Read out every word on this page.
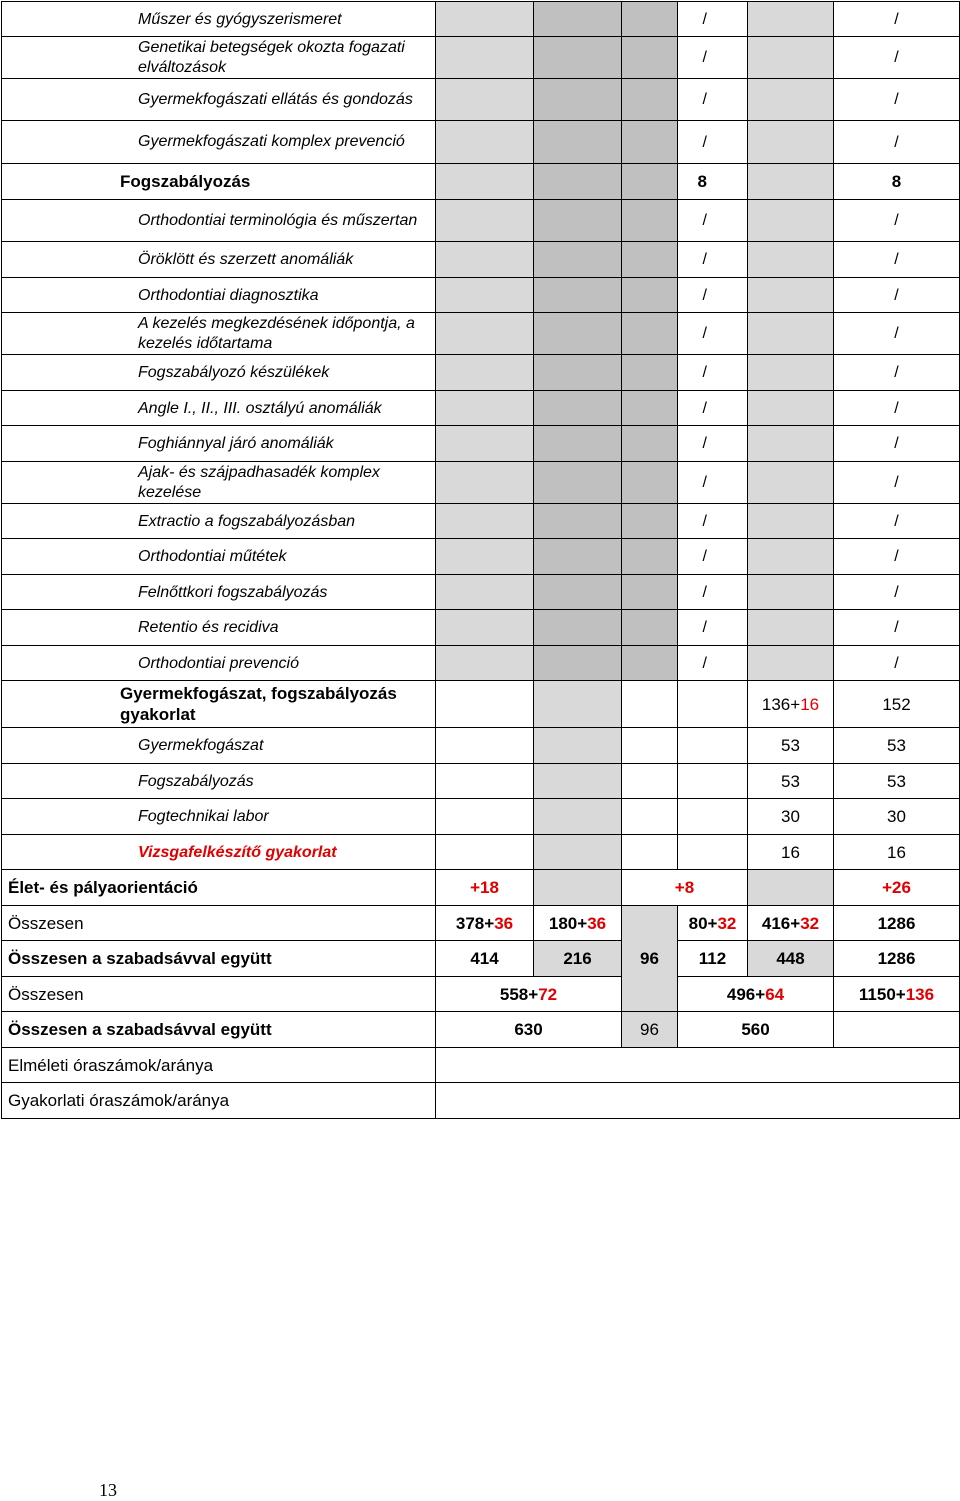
Műszer és gyógyszerismeret				/		/
Genetikai betegségek okozta fogazati elváltozások				/		/
Gyermekfogászati ellátás és gondozás				/		/
Gyermekfogászati komplex prevenció				/		/
Fogszabályozás				8		8
Orthodontiai terminológia és műszertan				/		/
Öröklött és szerzett anomáliák				/		/
Orthodontiai diagnosztika				/		/
A kezelés megkezdésének időpontja, a kezelés időtartama				/		/
Fogszabályozó készülékek				/		/
Angle I., II., III. osztályú anomáliák				/		/
Foghiánnyal járó anomáliák				/		/
Ajak- és szájpadhasadék komplex kezelése				/		/
Extractio a fogszabályozásban				/		/
Orthodontiai műtétek				/		/
Felnőttkori fogszabályozás				/		/
Retentio és recidiva				/		/
Orthodontiai prevenció				/		/
Gyermekfogászat, fogszabályozás gyakorlat					136+16	152
Gyermekfogászat					53	53
Fogszabályozás					53	53
Fogtechnikai labor					30	30
Vizsgafelkészítő gyakorlat					16	16
Élet- és pályaorientáció	+18		+8			+26
Összesen	378+36	180+36	96	80+32	416+32	1286
Összesen a szabadsávval együtt	414	216		112	448	1286
Összesen	558+72			496+64		1150+136
Összesen a szabadsávval együtt	630		96	560		
Elméleti óraszámok/aránya						
Gyakorlati óraszámok/aránya						
13
